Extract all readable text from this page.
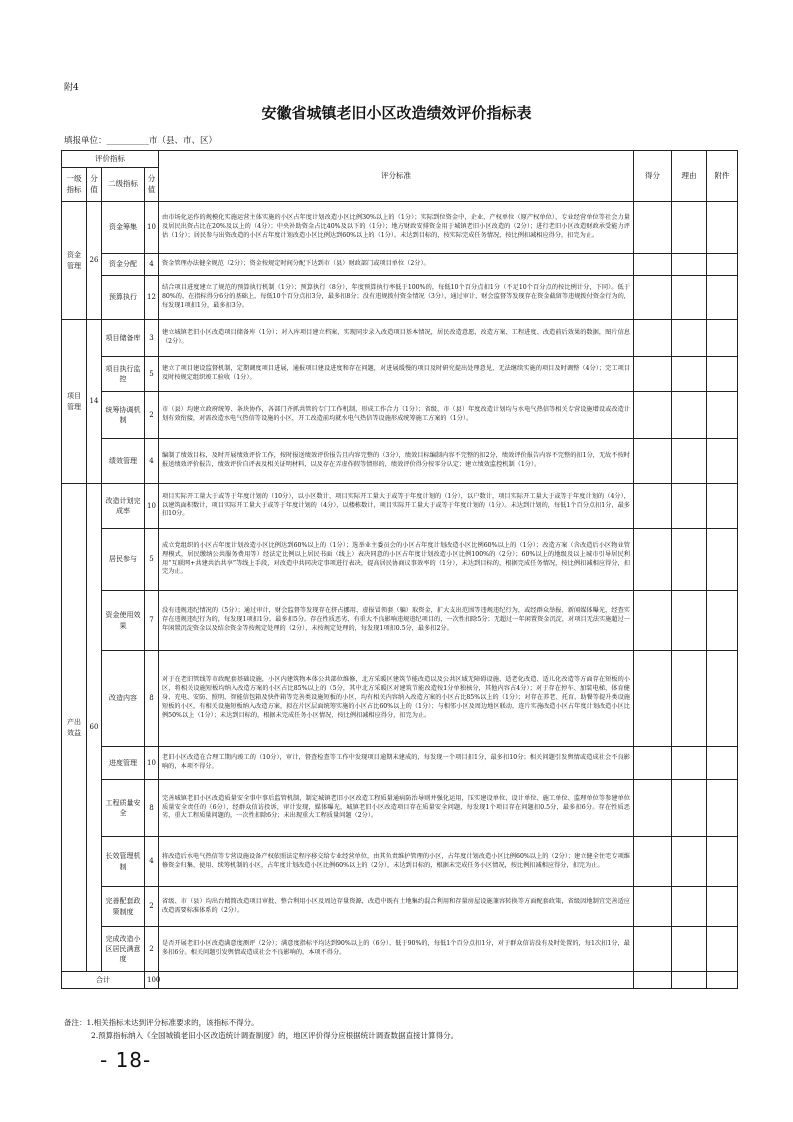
附4
安徽省城镇老旧小区改造绩效评价指标表
填报单位：__________市（县、市、区）
评价指标				评分标准	得分	理由	附件
一级指标	分值	二级指标	分值				
资金管理	26	资金筹集	10	由市场化运作的规模化实施运营主体实施的小区占年度计划改造小区比例30%以上的（1分）；实际到位资金中，企业、产权单位（原产权单位）、专业经营单位等社会力量及居民出资占比在20%及以上的（4分）；中央补助资金占比40%及以下的（1分）；地方财政安排资金用于城镇老旧小区改造的（2分）；进行老旧小区改造财政承受能力评估（1分）；居民参与出资改造的小区占年度计划改造小区比例达到60%以上的（1分）。未达到目标的，按实际完成任务情况，按比例扣减相应得分，扣完为止。			
		资金分配	4	资金管理办法健全规范（2分）；资金按规定时间分配下达到市（县）财政部门或项目单位（2分）。			
		预算执行	12	结合项目进度建立了规范的预算执行机制（1分）；预算执行（8分），年度预算执行率低于100%的，每低10个百分点扣1分（不足10个百分点的按比例计分，下同）。低于80%的，在指标得分6分的基础上，每低10个百分点扣3分，最多扣8分；没有违规拨付资金情况（3分），通过审计、财会监督等发现存在资金截留等违规拨付资金行为的，每发现1项扣1分，最多扣3分。			
项目管理	14	项目储备库	3	建立城镇老旧小区改造项目储备库（1分）；对入库项目建立档案，实现同步录入改造项目基本情况，居民改造意愿，改造方案、工程进度、改造前后效果的数据，图片信息（2分）。			
		项目执行监控	5	建立了项目建设监督机制，定期调度项目进展，通报项目建设进度和存在问题，对进展缓慢的项目及时研究提出处理意见，无法继续实施的项目及时调整（4分）；完工项目及时按规定组织竣工验收（1分）。			
		统筹协调机制	2	市（县）均建立政府统筹、条块协作，各部门齐抓共管的专门工作机制，形成工作合力（1分）；省级、市（县）年度改造计划均与水电气热信等相关专营设施增设或改造计划有效衔接，对需改造水电气热信等设施的小区，开工改造前均就水电气热信等设施形成统筹施工方案的（1分）。			
		绩效管理	4	编制了绩效目标，及时开展绩效评价工作，按时报送绩效评价报告且内容完整的（3分），绩效目标编制内容不完整的扣2分，绩效评价报告内容不完整的扣1分，无故不按时报送绩效评价报告，绩效评价自评表及相关证明材料，以及存在弄虚作假等情形的，绩效评价得分按零分认定；建立绩效监控机制（1分）。			
产出效益	60	改造计划完成率	10	项目实际开工量大于或等于年度计划的（10分），以小区数计，项目实际开工量大于或等于年度计划的（1分），以户数计，项目实际开工量大于或等于年度计划的（4分），以建筑面积数计，项目实际开工量大于或等于年度计划的（4分），以楼栋数计，项目实际开工量大于或等于年度计划的（1分）。未达到计划的，每低1个百分点扣1分，最多扣10分。			
		居民参与	5	成立党组织的小区占年度计划改造小区比例达到60%以上的（1分）；选举业主委员会的小区占年度计划改造小区比例60%以上的（1分）；改造方案（含改造后小区物业管理模式，居民缴纳公共服务费用等）经法定比例以上居民书面（线上）表决同意的小区占年度计划改造小区比例100%的（2分）；60%以上的地级及以上城市引导居民利用“互联网+共建共治共享”等线上手段，对改造中共同决定事项进行表决，提高居民协商议事效率的（1分），未达到目标的，根据完成任务情况，按比例扣减相应得分，扣完为止。			
		资金使用效果	7	没有违规违纪情况的（5分）；通过审计，财会监督等发现存在挤占挪用、虚报冒领套（骗）取资金，扩大支出范围等违规违纪行为，或经群众举报、新闻媒体曝光，经查实存在违规违纪行为的，每发现1项扣1分，最多扣5分。存在性质恶劣，有重大不良影响违规违纪项目的，一次性扣除5分；无超过一年闲置资金沉淀，对项目无法实施超过一年闲置沉淀资金以及结余资金等按规定处理的（2分），未按规定处理的，每发现1项扣0.5分，最多扣2分。			
		改造内容	8	对于在老旧管线等市政配套基础设施，小区内建筑物本体公共部位维修，北方采暖区建筑节能改造以及公共区域无障碍设施、适老化改造、适儿化改造等方面存在短板的小区，将相关设施短板均纳入改造方案的小区占比85%以上的（5分，其中北方采暖区对建筑节能改造按1分单独核分，其他内容占4分）；对于存在停车、加装电梯、体育健身、充电、安防、照明、智能信包箱及快件箱等完善类设施短板的小区，均有相关内容纳入改造方案的小区占比85%以上的（1分）；对存在养老、托育、助餐等提升类设施短板的小区，有相关设施短板纳入改造方案，拟在片区层面统筹实施的小区占比60%以上的（1分）；与相邻小区及周边地区联动，连片实施改造小区占年度计划改造小区比例50%以上（1分）；未达到目标的，根据未完成任务小区情况，按比例扣减相应得分，扣完为止。			
		进度管理	10	老旧小区改造在合理工期内竣工的（10分），审计，督查检查等工作中发现项目逾期未建成的，每发现一个项目扣1分，最多扣10分；相关问题引发舆情或造成社会不良影响的，本项不得分。			
		工程质量安全	8	完善城镇老旧小区改造质量安全事中事后监管机制，制定城镇老旧小区改造工程质量通病防治导则并强化运用，压实建设单位、设计单位、施工单位、监理单位等参建单位质量安全责任的（6分），经群众信访投诉，审计发现，媒体曝光，城镇老旧小区改造项目存在质量安全问题，每发现1个项目存在问题扣0.5分，最多扣6分。存在性质恶劣，重大工程质量问题的，一次性扣除6分；未出现重大工程质量问题（2分）。			
		长效管理机制	4	将改造后水电气热信等专营设施设备产权依照法定程序移交给专业经营单位，由其负责维护管理的小区，占年度计划改造小区比例60%以上的（2分）；建立健全住宅专项维修资金归集、使用、续筹机制的小区，占年度计划改造小区比例60%以上的（2分），未达到目标的，根据未完成任务小区情况，按比例扣减相应得分，扣完为止。			
		完善配套政策制度	2	省级、市（县）均出台精简改造项目审批、整合利用小区及周边存量资源，改造中既有土地集约混合利用和存量房屋设施兼容转换等方面配套政策，省级因地制宜完善适应改造需要标准体系的（2分）。			
		完成改造小区居民满意度	2	是否开展老旧小区改造满意度测评（2分）；满意度指标平均达到90%以上的（6分）、低于90%的，每低1个百分点扣1分，对于群众信访没有及时处置的，每1次扣1分，最多扣6分。相关问题引发舆情或造成社会不良影响的，本项不得分。			
合计			100				
备注：1.相关指标未达到评分标准要求的，该指标不得分。
2.预算指标纳入《全国城镇老旧小区改造统计调查制度》的，地区评价得分应根据统计调查数据直接计算得分。
- 18-
